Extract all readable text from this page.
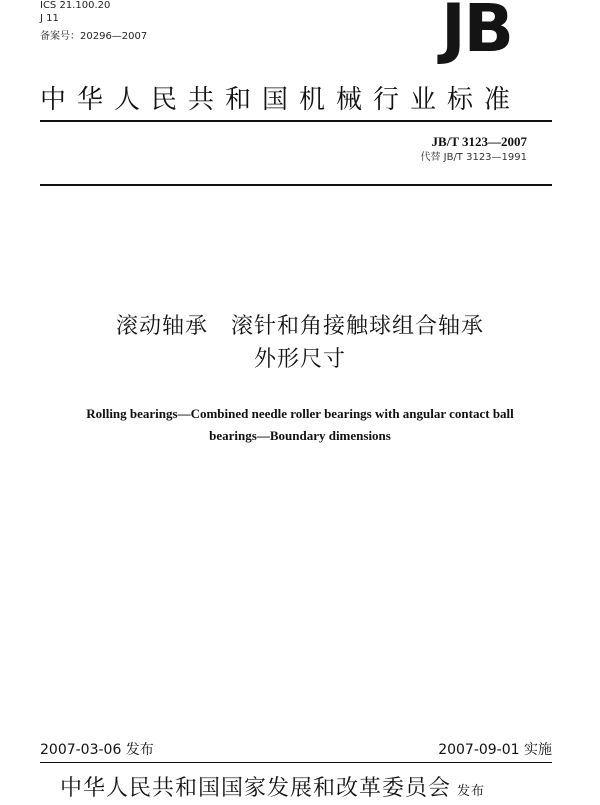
ICS 21.100.20
J 11
备案号：20296—2007	JB
中华人民共和国机械行业标准
JB/T 3123—2007
代替 JB/T 3123—1991
滚动轴承　滚针和角接触球组合轴承
外形尺寸
Rolling bearings—Combined needle roller bearings with angular contact ball
bearings—Boundary dimensions
2007-03-06 发布	2007-09-01 实施
中华人民共和国国家发展和改革委员会 发布
